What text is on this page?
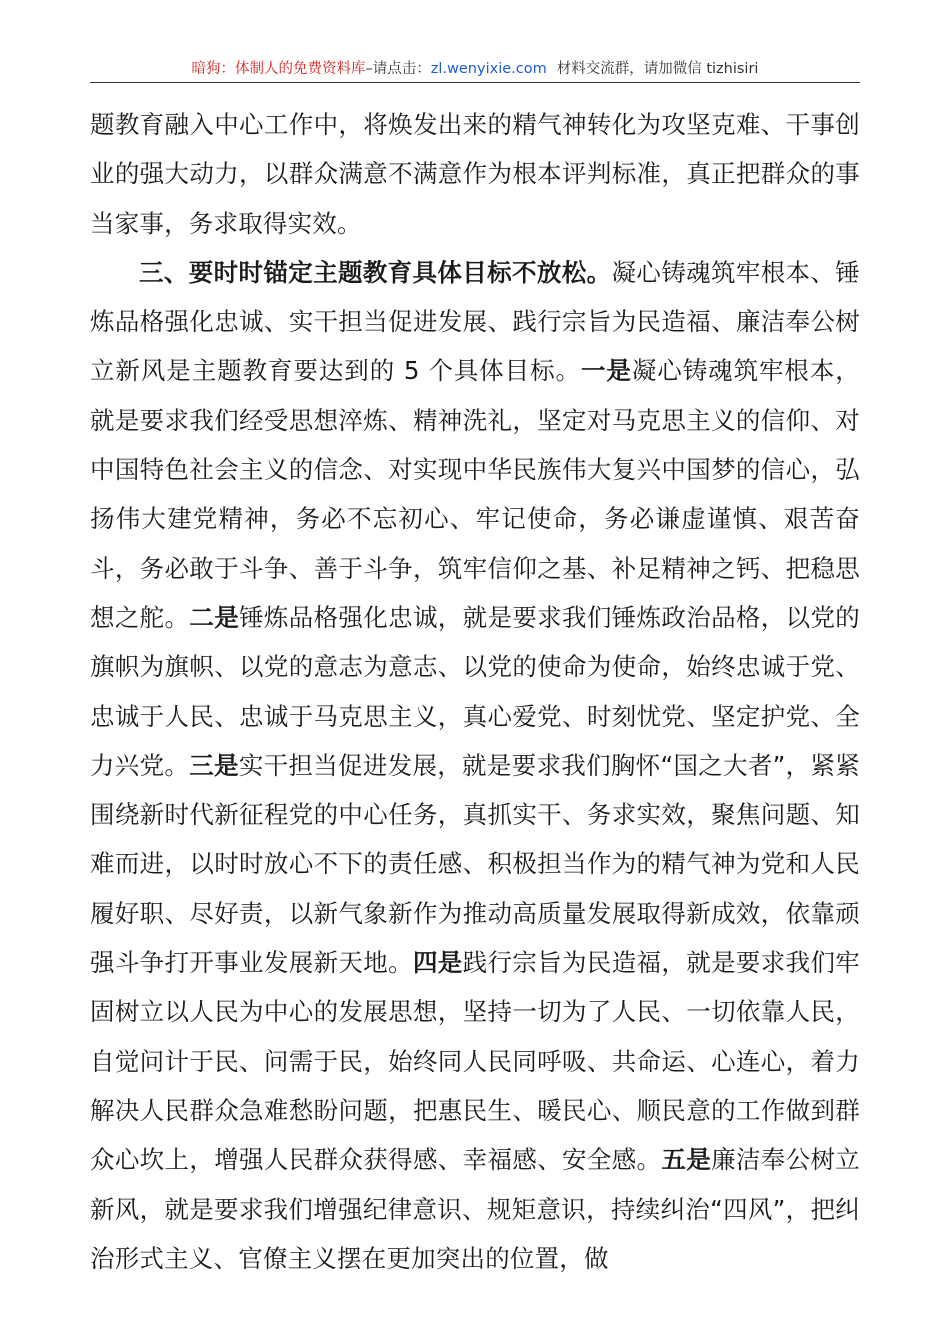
暗狗：体制人的免费资料库–请点击：zl.wenyixie.com 材料交流群，请加微信 tizhisiri

题教育融入中心工作中，将焕发出来的精气神转化为攻坚克难、干事创业的强大动力，以群众满意不满意作为根本评判标准，真正把群众的事当家事，务求取得实效。

三、要时时锚定主题教育具体目标不放松。凝心铸魂筑牢根本、锤炼品格强化忠诚、实干担当促进发展、践行宗旨为民造福、廉洁奉公树立新风是主题教育要达到的 5 个具体目标。一是凝心铸魂筑牢根本，就是要求我们经受思想淬炼、精神洗礼，坚定对马克思主义的信仰、对中国特色社会主义的信念、对实现中华民族伟大复兴中国梦的信心，弘扬伟大建党精神，务必不忘初心、牢记使命，务必谦虚谨慎、艰苦奋斗，务必敢于斗争、善于斗争，筑牢信仰之基、补足精神之钙、把稳思想之舵。二是锤炼品格强化忠诚，就是要求我们锤炼政治品格，以党的旗帜为旗帜、以党的意志为意志、以党的使命为使命，始终忠诚于党、忠诚于人民、忠诚于马克思主义，真心爱党、时刻忧党、坚定护党、全力兴党。三是实干担当促进发展，就是要求我们胸怀“国之大者”，紧紧围绕新时代新征程党的中心任务，真抓实干、务求实效，聚焦问题、知难而进，以时时放心不下的责任感、积极担当作为的精气神为党和人民履好职、尽好责，以新气象新作为推动高质量发展取得新成效，依靠顽强斗争打开事业发展新天地。四是践行宗旨为民造福，就是要求我们牢固树立以人民为中心的发展思想，坚持一切为了人民、一切依靠人民，自觉问计于民、问需于民，始终同人民同呼吸、共命运、心连心，着力解决人民群众急难愁盼问题，把惠民生、暖民心、顺民意的工作做到群众心坎上，增强人民群众获得感、幸福感、安全感。五是廉洁奉公树立新风，就是要求我们增强纪律意识、规矩意识，持续纠治“四风”，把纠治形式主义、官僚主义摆在更加突出的位置，做
